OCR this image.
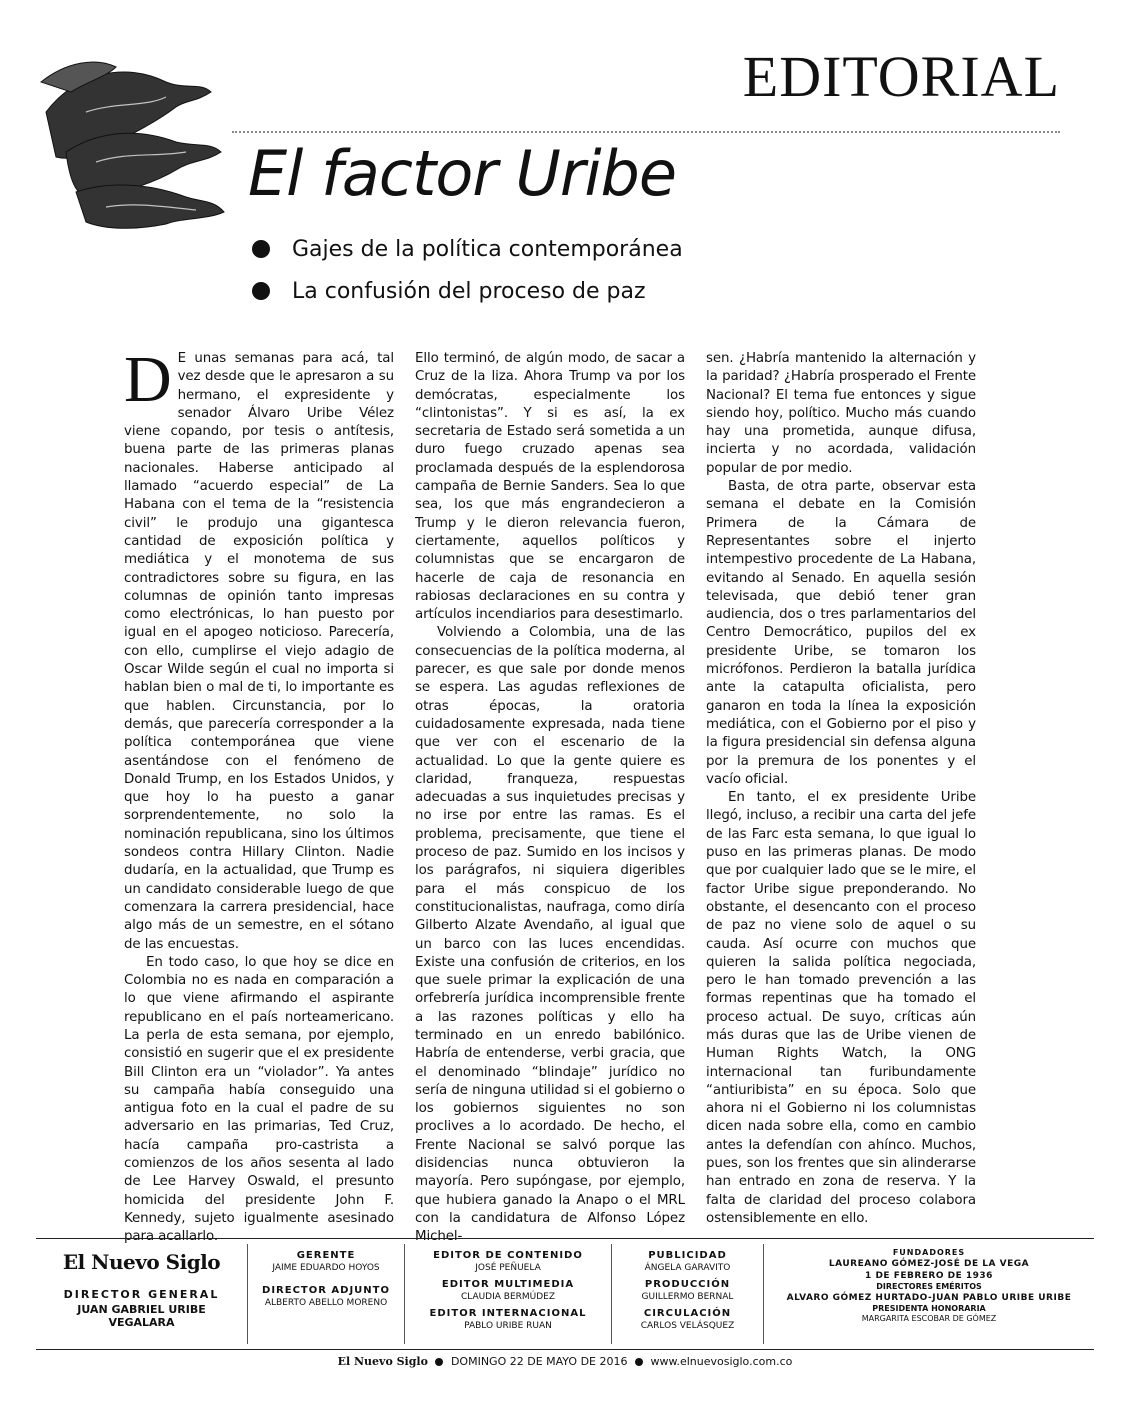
EDITORIAL
El factor Uribe
Gajes de la política contemporánea
La confusión del proceso de paz

D E unas semanas para acá, tal vez desde que le apresaron a su hermano, el expresidente y senador Álvaro Uribe Vélez viene copando, por tesis o antítesis, buena parte de las primeras planas nacionales. Haberse anticipado al llamado “acuerdo especial” de La Habana con el tema de la “resistencia civil” le produjo una gigantesca cantidad de exposición política y mediática y el monotema de sus contradictores sobre su figura, en las columnas de opinión tanto impresas como electrónicas, lo han puesto por igual en el apogeo noticioso. Parecería, con ello, cumplirse el viejo adagio de Oscar Wilde según el cual no importa si hablan bien o mal de ti, lo importante es que hablen. Circunstancia, por lo demás, que parecería corresponder a la política contemporánea que viene asentándose con el fenómeno de Donald Trump, en los Estados Unidos, y que hoy lo ha puesto a ganar sorprendentemente, no solo la nominación republicana, sino los últimos sondeos contra Hillary Clinton. Nadie dudaría, en la actualidad, que Trump es un candidato considerable luego de que comenzara la carrera presidencial, hace algo más de un semestre, en el sótano de las encuestas.

En todo caso, lo que hoy se dice en Colombia no es nada en comparación a lo que viene afirmando el aspirante republicano en el país norteamericano. La perla de esta semana, por ejemplo, consistió en sugerir que el ex presidente Bill Clinton era un “violador”. Ya antes su campaña había conseguido una antigua foto en la cual el padre de su adversario en las primarias, Ted Cruz, hacía campaña pro-castrista a comienzos de los años sesenta al lado de Lee Harvey Oswald, el presunto homicida del presidente John F. Kennedy, sujeto igualmente asesinado para acallarlo.

Ello terminó, de algún modo, de sacar a Cruz de la liza. Ahora Trump va por los demócratas, especialmente los “clintonistas”. Y si es así, la ex secretaria de Estado será sometida a un duro fuego cruzado apenas sea proclamada después de la esplendorosa campaña de Bernie Sanders. Sea lo que sea, los que más engrandecieron a Trump y le dieron relevancia fueron, ciertamente, aquellos políticos y columnistas que se encargaron de hacerle de caja de resonancia en rabiosas declaraciones en su contra y artículos incendiarios para desestimarlo.

Volviendo a Colombia, una de las consecuencias de la política moderna, al parecer, es que sale por donde menos se espera. Las agudas reflexiones de otras épocas, la oratoria cuidadosamente expresada, nada tiene que ver con el escenario de la actualidad. Lo que la gente quiere es claridad, franqueza, respuestas adecuadas a sus inquietudes precisas y no irse por entre las ramas. Es el problema, precisamente, que tiene el proceso de paz. Sumido en los incisos y los parágrafos, ni siquiera digeribles para el más conspicuo de los constitucionalistas, naufraga, como diría Gilberto Alzate Avendaño, al igual que un barco con las luces encendidas. Existe una confusión de criterios, en los que suele primar la explicación de una orfebrería jurídica incomprensible frente a las razones políticas y ello ha terminado en un enredo babilónico. Habría de entenderse, verbi gracia, que el denominado “blindaje” jurídico no sería de ninguna utilidad si el gobierno o los gobiernos siguientes no son proclives a lo acordado. De hecho, el Frente Nacional se salvó porque las disidencias nunca obtuvieron la mayoría. Pero supóngase, por ejemplo, que hubiera ganado la Anapo o el MRL con la candidatura de Alfonso López Michel-

sen. ¿Habría mantenido la alternación y la paridad? ¿Habría prosperado el Frente Nacional? El tema fue entonces y sigue siendo hoy, político. Mucho más cuando hay una prometida, aunque difusa, incierta y no acordada, validación popular de por medio.

Basta, de otra parte, observar esta semana el debate en la Comisión Primera de la Cámara de Representantes sobre el injerto intempestivo procedente de La Habana, evitando al Senado. En aquella sesión televisada, que debió tener gran audiencia, dos o tres parlamentarios del Centro Democrático, pupilos del ex presidente Uribe, se tomaron los micrófonos. Perdieron la batalla jurídica ante la catapulta oficialista, pero ganaron en toda la línea la exposición mediática, con el Gobierno por el piso y la figura presidencial sin defensa alguna por la premura de los ponentes y el vacío oficial.

En tanto, el ex presidente Uribe llegó, incluso, a recibir una carta del jefe de las Farc esta semana, lo que igual lo puso en las primeras planas. De modo que por cualquier lado que se le mire, el factor Uribe sigue preponderando. No obstante, el desencanto con el proceso de paz no viene solo de aquel o su cauda. Así ocurre con muchos que quieren la salida política negociada, pero le han tomado prevención a las formas repentinas que ha tomado el proceso actual. De suyo, críticas aún más duras que las de Uribe vienen de Human Rights Watch, la ONG internacional tan furibundamente “antiuribista” en su época. Solo que ahora ni el Gobierno ni los columnistas dicen nada sobre ella, como en cambio antes la defendían con ahínco. Muchos, pues, son los frentes que sin alinderarse han entrado en zona de reserva. Y la falta de claridad del proceso colabora ostensiblemente en ello.

El Nuevo Siglo
DIRECTOR GENERAL
JUAN GABRIEL URIBE VEGALARA
GERENTE
JAIME EDUARDO HOYOS
DIRECTOR ADJUNTO
ALBERTO ABELLO MORENO
EDITOR DE CONTENIDO
JOSÉ PEÑUELA
EDITOR MULTIMEDIA
CLAUDIA BERMÚDEZ
EDITOR INTERNACIONAL
PABLO URIBE RUAN
PUBLICIDAD
ÁNGELA GARAVITO
PRODUCCIÓN
GUILLERMO BERNAL
CIRCULACIÓN
CARLOS VELÁSQUEZ
FUNDADORES
LAUREANO GÓMEZ-JOSÉ DE LA VEGA
1 DE FEBRERO DE 1936
DIRECTORES EMÉRITOS
ALVARO GÓMEZ HURTADO-JUAN PABLO URIBE URIBE
PRESIDENTA HONORARIA
MARGARITA ESCOBAR DE GÓMEZ
El Nuevo Siglo DOMINGO 22 DE MAYO DE 2016 www.elnuevosiglo.com.co
